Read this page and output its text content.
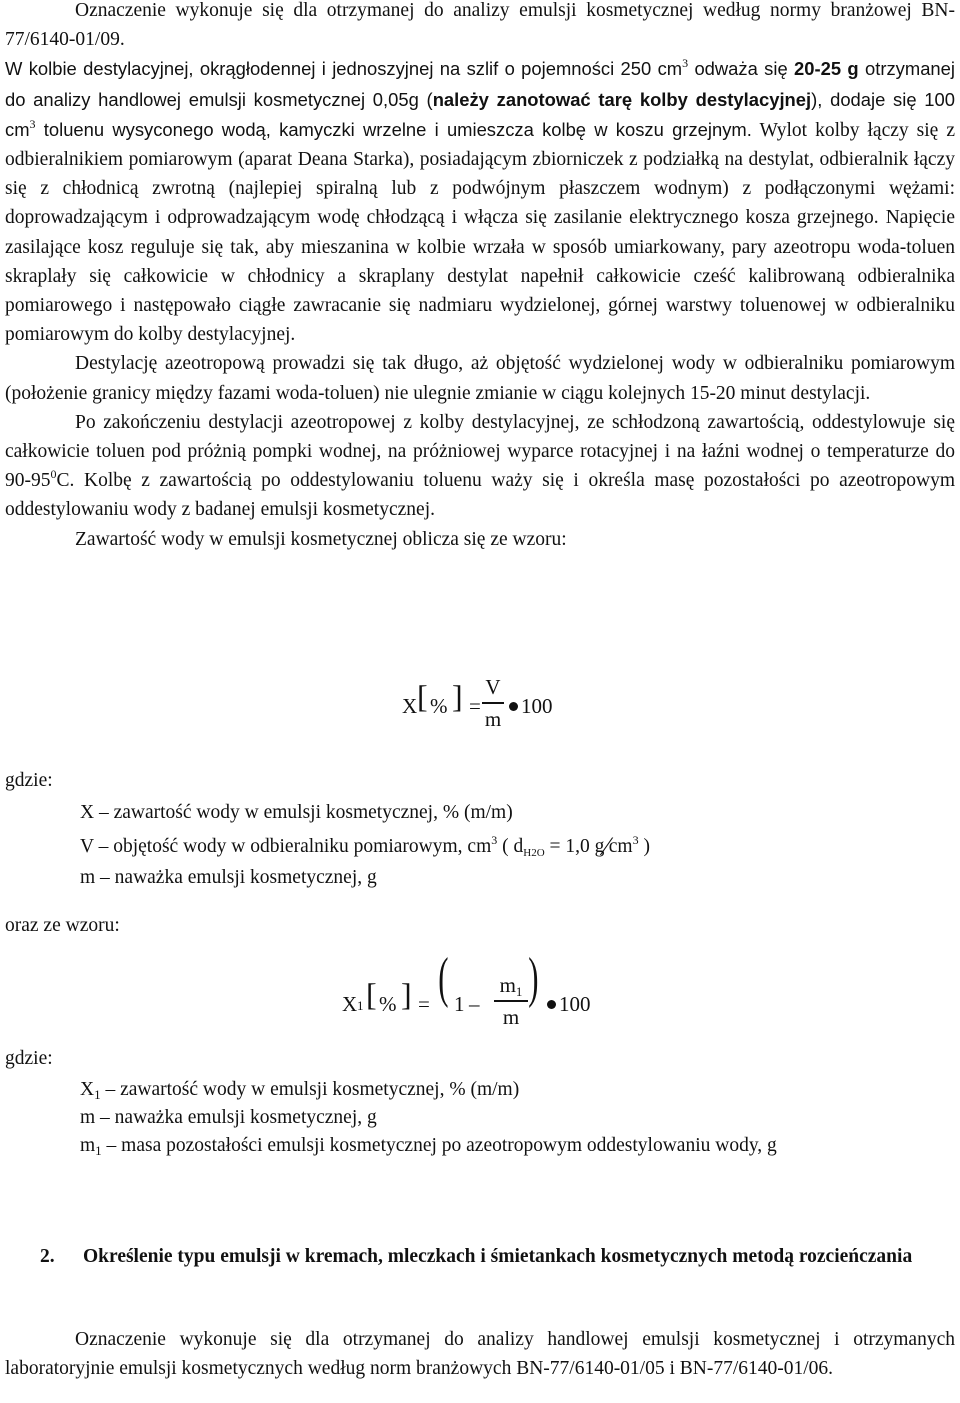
Oznaczenie wykonuje się dla otrzymanej do analizy emulsji kosmetycznej według normy branżowej BN-77/6140-01/09.

W kolbie destylacyjnej, okrągłodennej i jednoszyjnej na szlif o pojemności 250 $cm^3$ odważa się 20-25 g otrzymanej do analizy handlowej emulsji kosmetycznej 0,05g (należy zanotować tarę kolby destylacyjnej), dodaje się 100 $cm^3$ toluenu wysyconego wodą, kamyczki wrzelne i umieszcza kolbę w koszu grzejnym. Wylot kolby łączy się z odbieralnikiem pomiarowym (aparat Deana Starka), posiadającym zbiorniczek z podziałką na destylat, odbieralnik łączy się z chłodnicą zwrotną (najlepiej spiralną lub z podwójnym płaszczem wodnym) z podłączonymi wężami: doprowadzającym i odprowadzającym wodę chłodzącą i włącza się zasilanie elektrycznego kosza grzejnego. Napięcie zasilające kosz reguluje się tak, aby mieszanina w kolbie wrzała w sposób umiarkowany, pary azeotropu woda-toluen skraplały się całkowicie w chłodnicy a skraplany destylat napełnił całkowicie cześć kalibrowaną odbieralnika pomiarowego i następowało ciągłe zawracanie się nadmiaru wydzielonej, górnej warstwy toluenowej w odbieralniku pomiarowym do kolby destylacyjnej.

Destylację azeotropową prowadzi się tak długo, aż objętość wydzielonej wody w odbieralniku pomiarowym (położenie granicy między fazami woda-toluen) nie ulegnie zmianie w ciągu kolejnych 15-20 minut destylacji.

Po zakończeniu destylacji azeotropowej z kolby destylacyjnej, ze schłodzoną zawartością, oddestylowuje się całkowicie toluen pod próżnią pompki wodnej, na próżniowej wyparce rotacyjnej i na łaźni wodnej o temperaturze do $90-95^0C$. Kolbę z zawartością po oddestylowaniu toluenu waży się i określa masę pozostałości po azeotropowym oddestylowaniu wody z badanej emulsji kosmetycznej.

Zawartość wody w emulsji kosmetycznej oblicza się ze wzoru:

X [ % ] =
V
m
100
gdzie:
X – zawartość wody w emulsji kosmetycznej, % (m/m)
V – objętość wody w odbieralniku pomiarowym, $cm^3$ ( $d_{H2O} = 1,0$ $g⁄cm^3$ )
m – naważka emulsji kosmetycznej, g
oraz ze wzoru:
X 1 [ % ] = ( 1 –
$m_1$
m
) 100
gdzie:
$X_1$ – zawartość wody w emulsji kosmetycznej, % (m/m)
m – naważka emulsji kosmetycznej, g
$m_1$ – masa pozostałości emulsji kosmetycznej po azeotropowym oddestylowaniu wody, g
2. Określenie typu emulsji w kremach, mleczkach i śmietankach kosmetycznych metodą rozcieńczania

Oznaczenie wykonuje się dla otrzymanej do analizy handlowej emulsji kosmetycznej i otrzymanych laboratoryjnie emulsji kosmetycznych według norm branżowych BN-77/6140-01/05 i BN-77/6140-01/06.
